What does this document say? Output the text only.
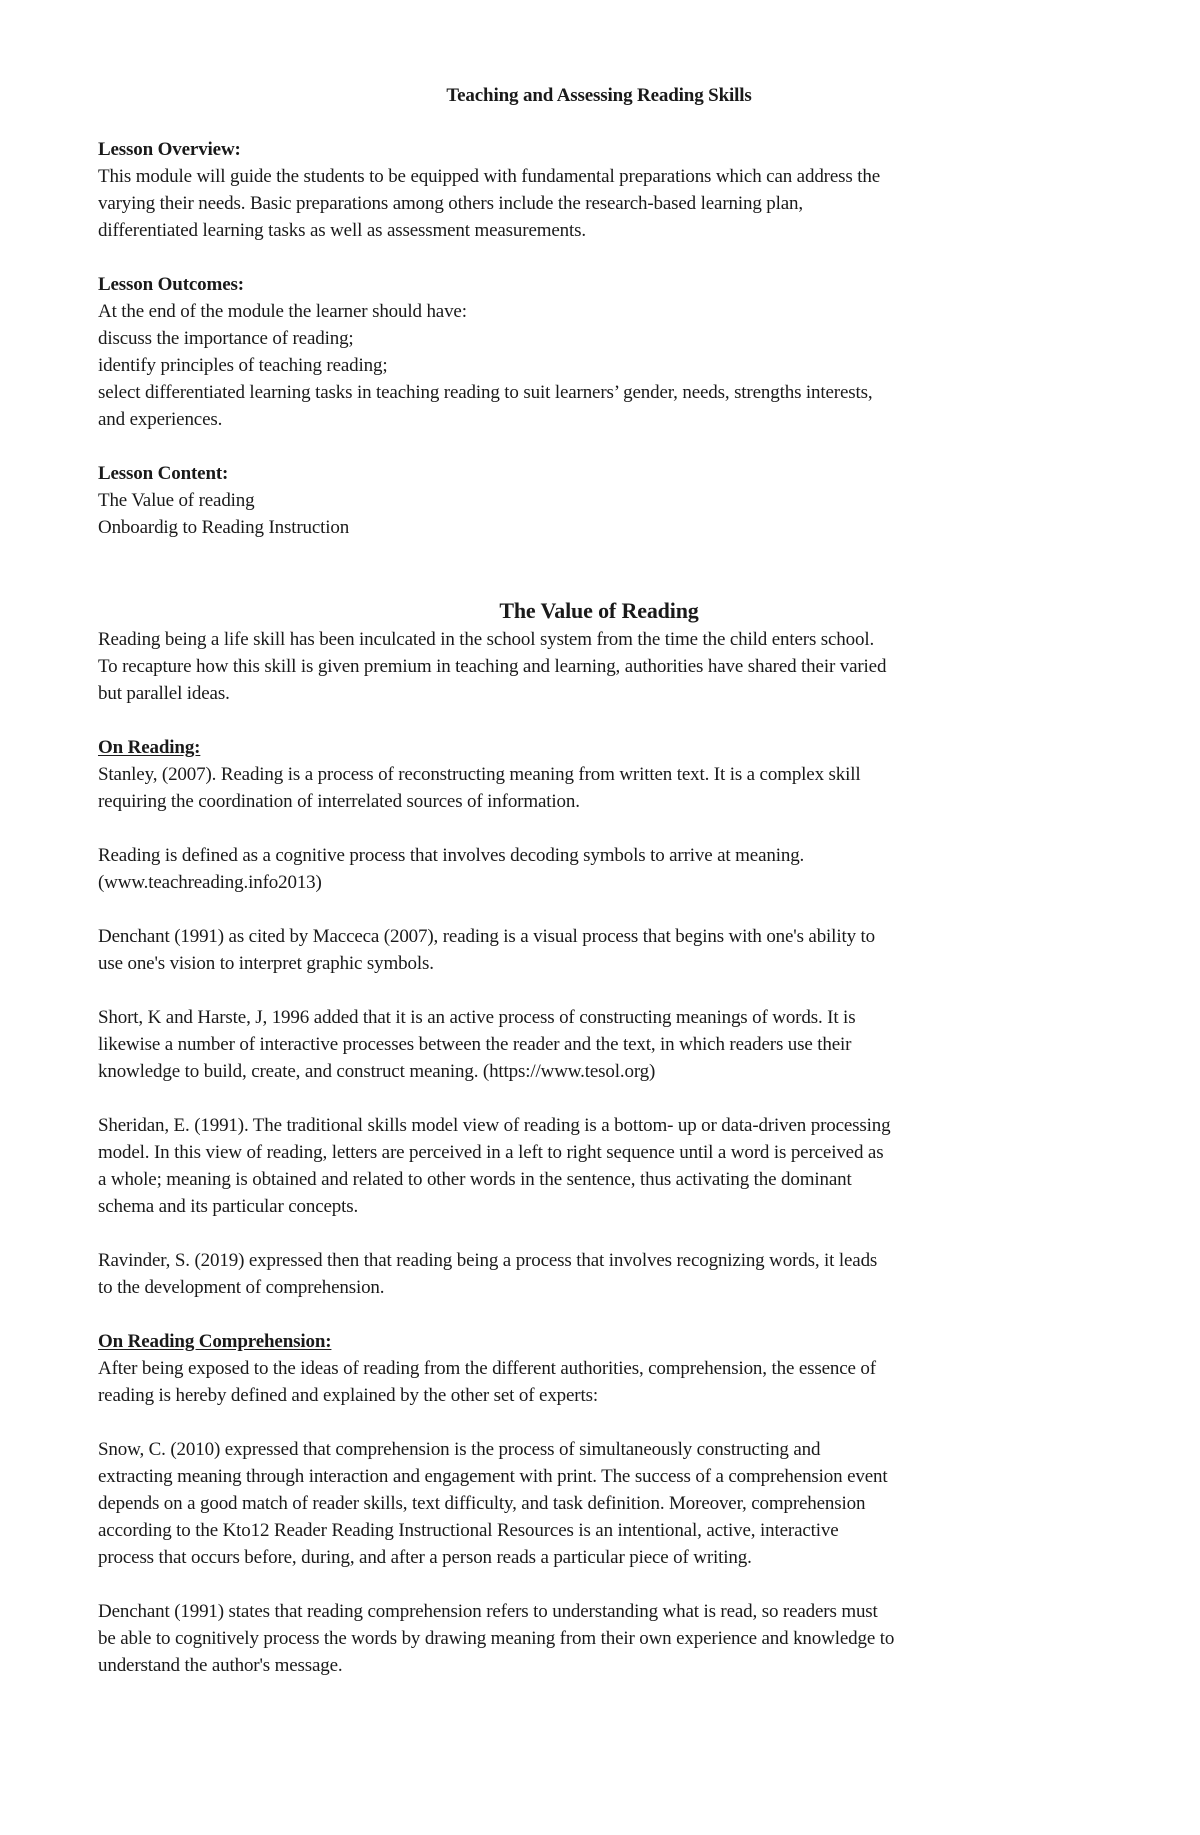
Teaching and Assessing Reading Skills
Lesson Overview:
This module will guide the students to be equipped with fundamental preparations which can address the
varying their needs. Basic preparations among others include the research-based learning plan,
differentiated learning tasks as well as assessment measurements.
Lesson Outcomes:
At the end of the module the learner should have:
discuss the importance of reading;
identify principles of teaching reading;
select differentiated learning tasks in teaching reading to suit learners’ gender, needs, strengths interests,
and experiences.
Lesson Content:
The Value of reading
Onboardig to Reading Instruction
The Value of Reading
Reading being a life skill has been inculcated in the school system from the time the child enters school.
To recapture how this skill is given premium in teaching and learning, authorities have shared their varied
but parallel ideas.
On Reading:
Stanley, (2007). Reading is a process of reconstructing meaning from written text. It is a complex skill
requiring the coordination of interrelated sources of information.
Reading is defined as a cognitive process that involves decoding symbols to arrive at meaning.
(www.teachreading.info2013)
Denchant (1991) as cited by Macceca (2007), reading is a visual process that begins with one's ability to
use one's vision to interpret graphic symbols.
Short, K and Harste, J, 1996 added that it is an active process of constructing meanings of words. It is
likewise a number of interactive processes between the reader and the text, in which readers use their
knowledge to build, create, and construct meaning. (https://www.tesol.org)
Sheridan, E. (1991). The traditional skills model view of reading is a bottom- up or data-driven processing
model. In this view of reading, letters are perceived in a left to right sequence until a word is perceived as
a whole; meaning is obtained and related to other words in the sentence, thus activating the dominant
schema and its particular concepts.
Ravinder, S. (2019) expressed then that reading being a process that involves recognizing words, it leads
to the development of comprehension.
On Reading Comprehension:
After being exposed to the ideas of reading from the different authorities, comprehension, the essence of
reading is hereby defined and explained by the other set of experts:
Snow, C. (2010) expressed that comprehension is the process of simultaneously constructing and
extracting meaning through interaction and engagement with print. The success of a comprehension event
depends on a good match of reader skills, text difficulty, and task definition. Moreover, comprehension
according to the Kto12 Reader Reading Instructional Resources is an intentional, active, interactive
process that occurs before, during, and after a person reads a particular piece of writing.
Denchant (1991) states that reading comprehension refers to understanding what is read, so readers must
be able to cognitively process the words by drawing meaning from their own experience and knowledge to
understand the author's message.
